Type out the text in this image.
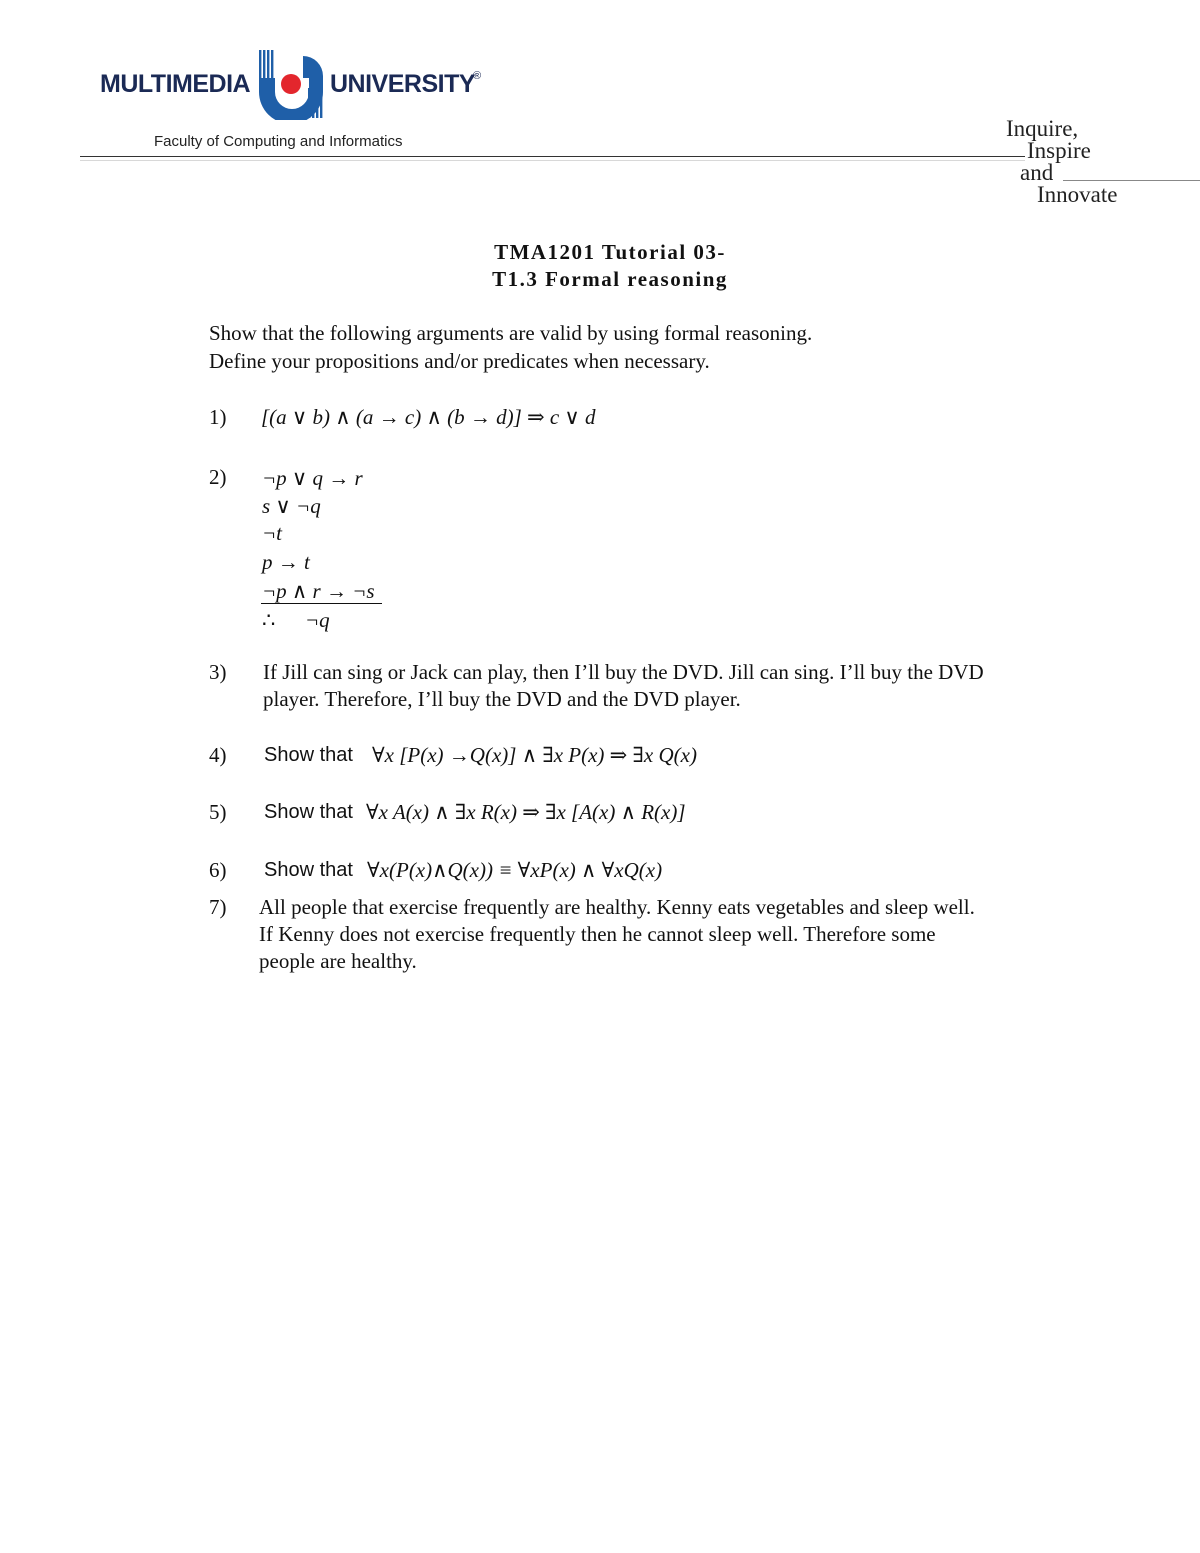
MULTIMEDIA	UNIVERSITY
®
Faculty of Computing and Informatics
Inquire,
Inspire
and
Innovate
TMA1201 Tutorial 03-
T1.3 Formal reasoning
Show that the following arguments are valid by using formal reasoning.
Define your propositions and/or predicates when necessary.
1) [(a ∨ b) ∧ (a → c) ∧ (b → d)] ⇒ c ∨ d
2) ¬p ∨ q → r
s ∨ ¬q
¬t
p → t
¬p ∧ r → ¬s
∴ ¬q
3) If Jill can sing or Jack can play, then I’ll buy the DVD. Jill can sing. I’ll buy the DVD
player. Therefore, I’ll buy the DVD and the DVD player.
4) Show that ∀x [P(x) →Q(x)] ∧ ∃x P(x) ⇒ ∃x Q(x)
5) Show that ∀x A(x) ∧ ∃x R(x) ⇒ ∃x [A(x) ∧ R(x)]
6) Show that ∀x(P(x)∧Q(x)) ≡ ∀xP(x) ∧ ∀xQ(x)
7) All people that exercise frequently are healthy. Kenny eats vegetables and sleep well.
If Kenny does not exercise frequently then he cannot sleep well. Therefore some
people are healthy.
